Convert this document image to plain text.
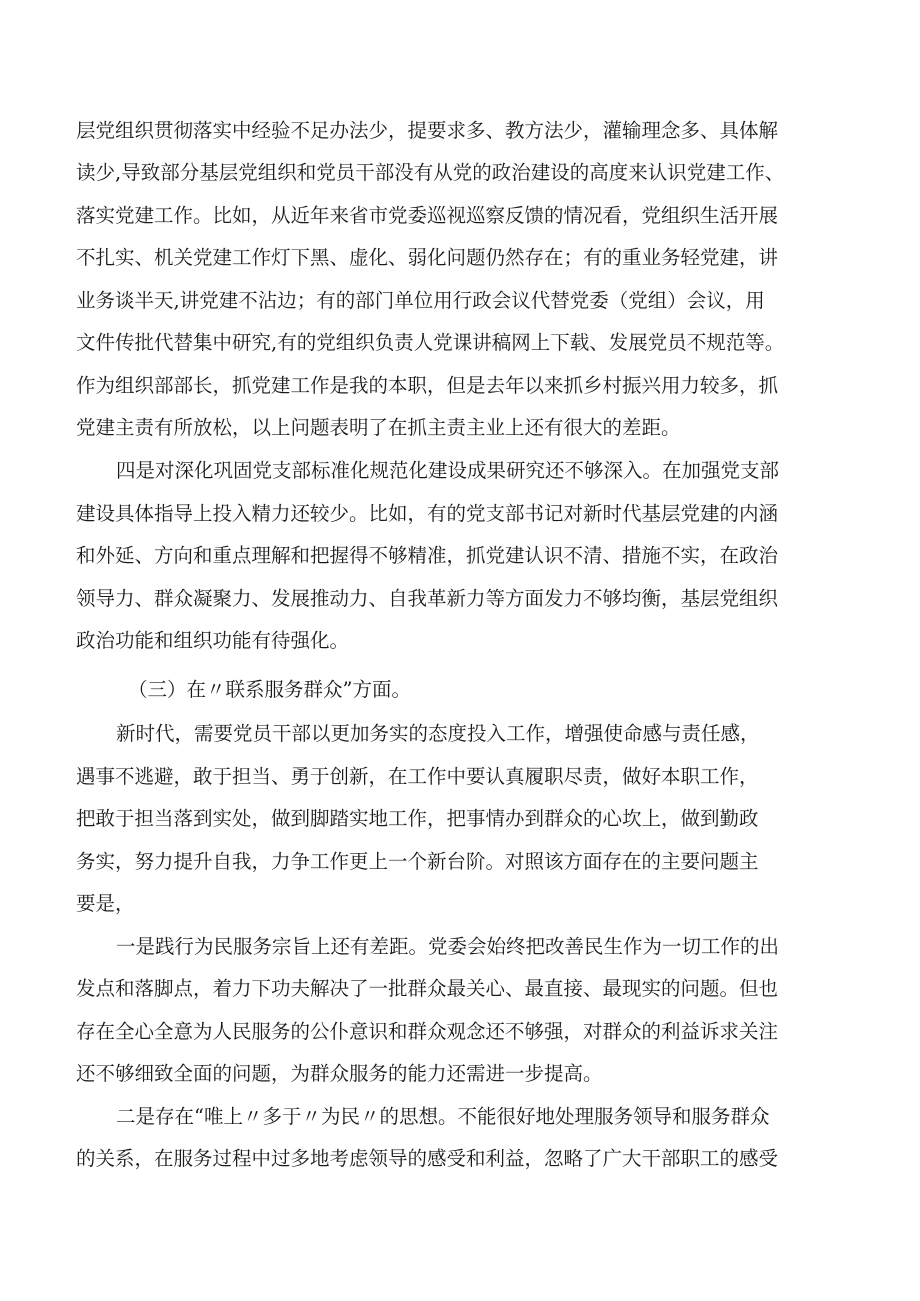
层党组织贯彻落实中经验不足办法少，提要求多、教方法少，灌输理念多、具体解
读少,导致部分基层党组织和党员干部没有从党的政治建设的高度来认识党建工作、
落实党建工作。比如，从近年来省市党委巡视巡察反馈的情况看，党组织生活开展
不扎实、机关党建工作灯下黑、虚化、弱化问题仍然存在；有的重业务轻党建，讲
业务谈半天,讲党建不沾边；有的部门单位用行政会议代替党委（党组）会议，用
文件传批代替集中研究,有的党组织负责人党课讲稿网上下载、发展党员不规范等。
作为组织部部长，抓党建工作是我的本职，但是去年以来抓乡村振兴用力较多，抓
党建主责有所放松，以上问题表明了在抓主责主业上还有很大的差距。
四是对深化巩固党支部标准化规范化建设成果研究还不够深入。在加强党支部
建设具体指导上投入精力还较少。比如，有的党支部书记对新时代基层党建的内涵
和外延、方向和重点理解和把握得不够精准，抓党建认识不清、措施不实，在政治
领导力、群众凝聚力、发展推动力、自我革新力等方面发力不够均衡，基层党组织
政治功能和组织功能有待强化。
（三）在〃联系服务群众”方面。
新时代，需要党员干部以更加务实的态度投入工作，增强使命感与责任感，
遇事不逃避，敢于担当、勇于创新，在工作中要认真履职尽责，做好本职工作，
把敢于担当落到实处，做到脚踏实地工作，把事情办到群众的心坎上，做到勤政
务实，努力提升自我，力争工作更上一个新台阶。对照该方面存在的主要问题主
要是，
一是践行为民服务宗旨上还有差距。党委会始终把改善民生作为一切工作的出
发点和落脚点，着力下功夫解决了一批群众最关心、最直接、最现实的问题。但也
存在全心全意为人民服务的公仆意识和群众观念还不够强，对群众的利益诉求关注
还不够细致全面的问题，为群众服务的能力还需进一步提高。
二是存在“唯上〃多于〃为民〃的思想。不能很好地处理服务领导和服务群众
的关系，在服务过程中过多地考虑领导的感受和利益，忽略了广大干部职工的感受
